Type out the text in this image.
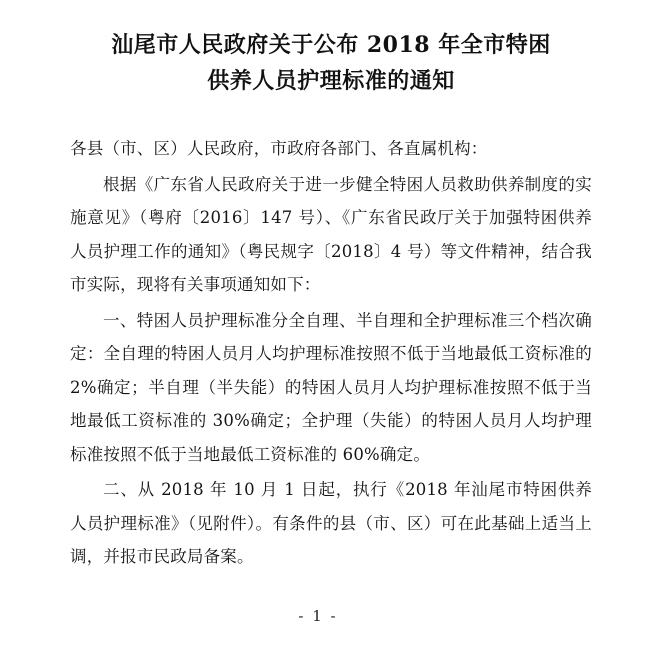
汕尾市人民政府关于公布 2018 年全市特困
供养人员护理标准的通知

各县（市、区）人民政府，市政府各部门、各直属机构：

根据《广东省人民政府关于进一步健全特困人员救助供养制度的实施意见》（粤府〔2016〕147 号）、《广东省民政厅关于加强特困供养人员护理工作的通知》（粤民规字〔2018〕4 号）等文件精神，结合我市实际，现将有关事项通知如下：

一、特困人员护理标准分全自理、半自理和全护理标准三个档次确定：全自理的特困人员月人均护理标准按照不低于当地最低工资标准的 2%确定；半自理（半失能）的特困人员月人均护理标准按照不低于当地最低工资标准的 30%确定；全护理（失能）的特困人员月人均护理标准按照不低于当地最低工资标准的 60%确定。

二、从 2018 年 10 月 1 日起，执行《2018 年汕尾市特困供养人员护理标准》（见附件）。有条件的县（市、区）可在此基础上适当上调，并报市民政局备案。

- 1 -
